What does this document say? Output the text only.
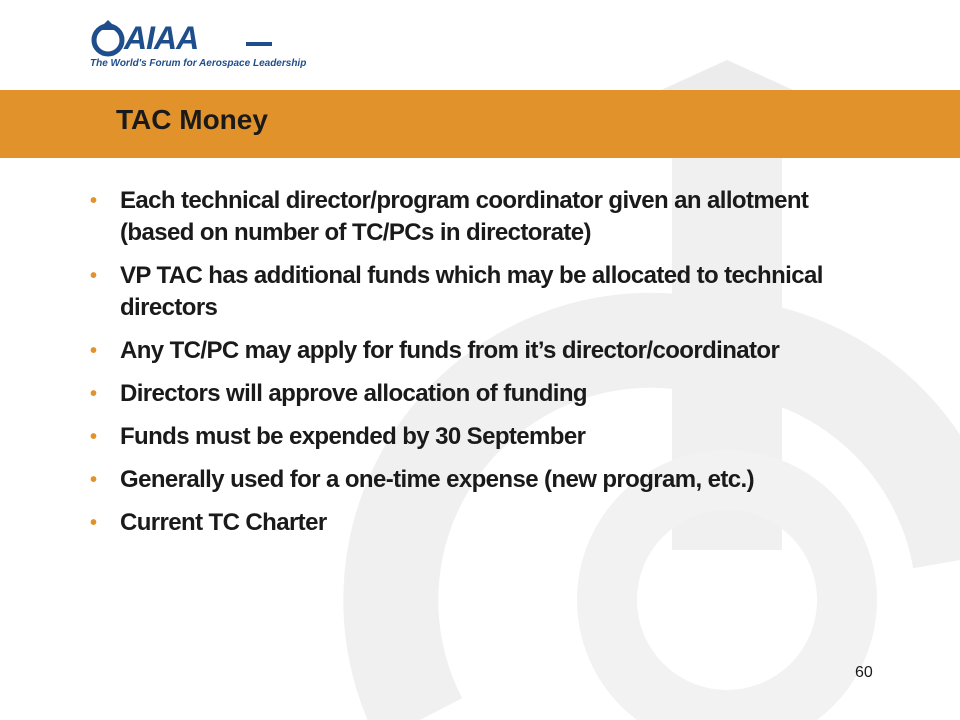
AIAA
The World's Forum for Aerospace Leadership
TAC Money
• Each technical director/program coordinator given an allotment (based on number of TC/PCs in directorate)
• VP TAC has additional funds which may be allocated to technical directors
• Any TC/PC may apply for funds from it’s director/coordinator
• Directors will approve allocation of funding
• Funds must be expended by 30 September
• Generally used for a one-time expense (new program, etc.)
• Current TC Charter
60
